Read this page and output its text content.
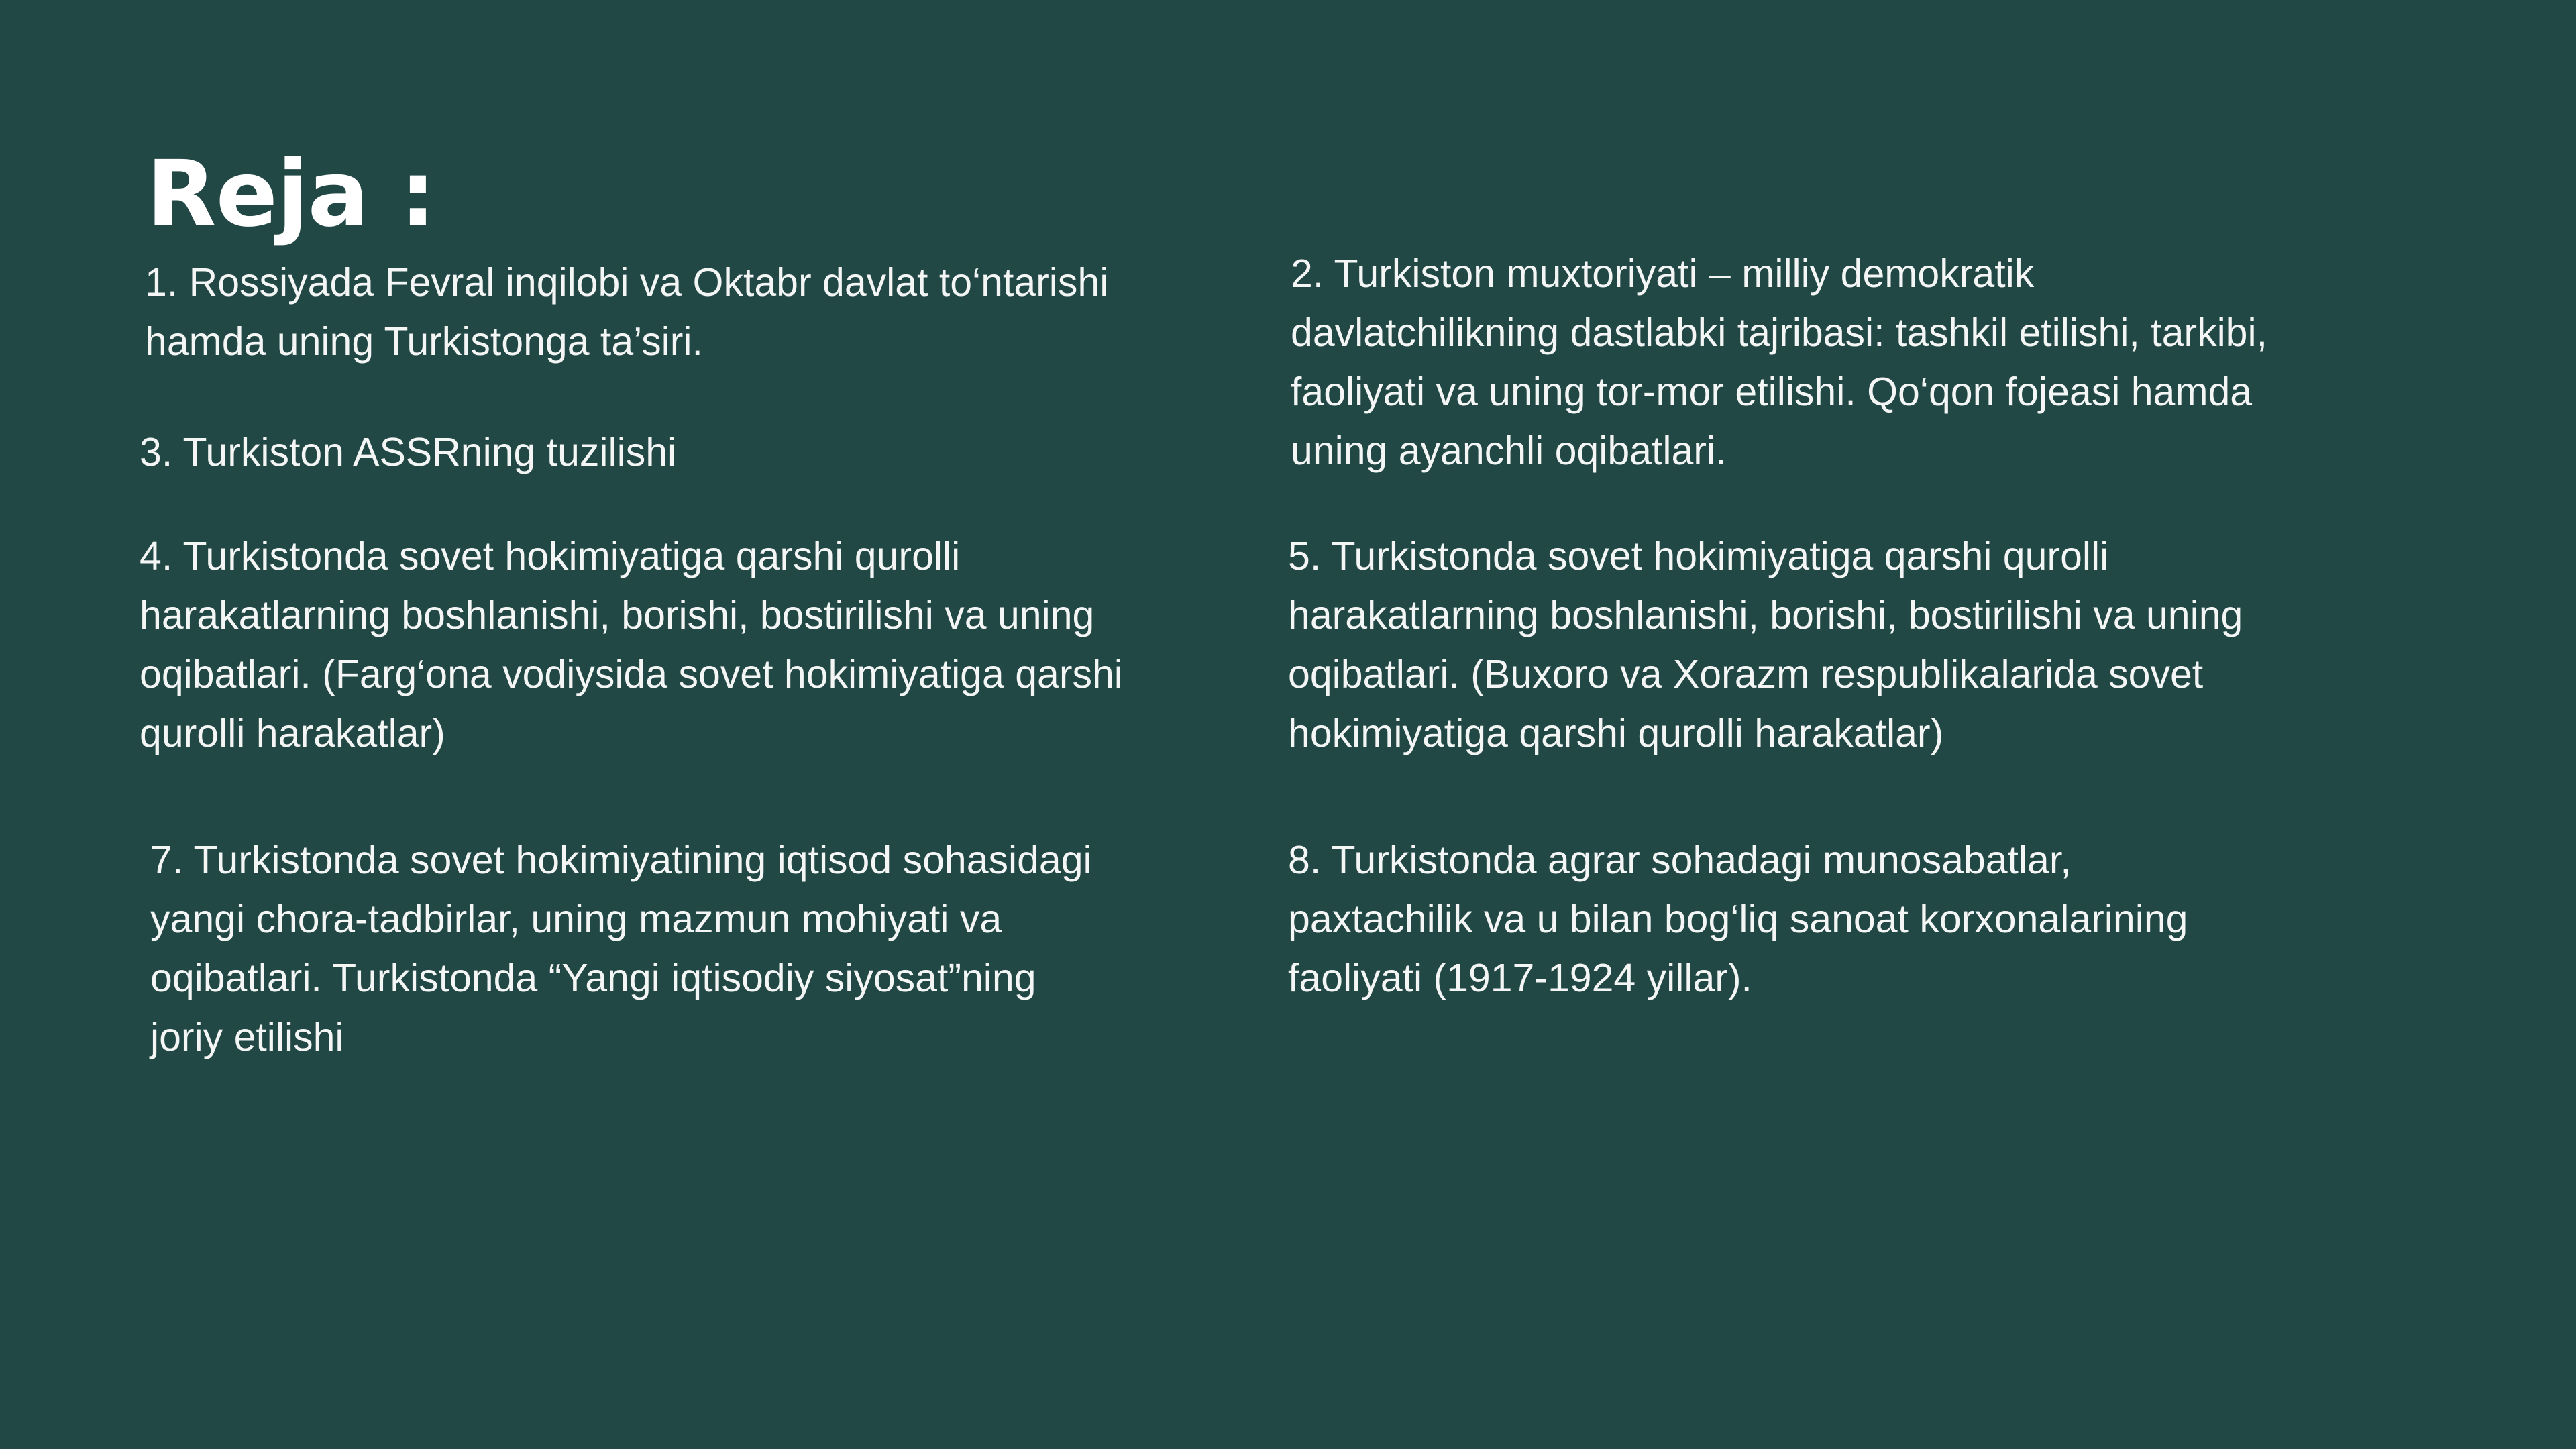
Reja :

1. Rossiyada Fevral inqilobi va Oktabr davlat to‘ntarishi
hamda uning Turkistonga ta’siri.

2. Turkiston muxtoriyati – milliy demokratik
davlatchilikning dastlabki tajribasi: tashkil etilishi, tarkibi,
faoliyati va uning tor-mor etilishi. Qo‘qon fojeasi hamda
uning ayanchli oqibatlari.

3. Turkiston ASSRning tuzilishi

4. Turkistonda sovet hokimiyatiga qarshi qurolli
harakatlarning boshlanishi, borishi, bostirilishi va uning
oqibatlari. (Farg‘ona vodiysida sovet hokimiyatiga qarshi
qurolli harakatlar)

5. Turkistonda sovet hokimiyatiga qarshi qurolli
harakatlarning boshlanishi, borishi, bostirilishi va uning
oqibatlari. (Buxoro va Xorazm respublikalarida sovet
hokimiyatiga qarshi qurolli harakatlar)

7. Turkistonda sovet hokimiyatining iqtisod sohasidagi
yangi chora-tadbirlar, uning mazmun mohiyati va
oqibatlari. Turkistonda “Yangi iqtisodiy siyosat”ning
joriy etilishi

8. Turkistonda agrar sohadagi munosabatlar,
paxtachilik va u bilan bog‘liq sanoat korxonalarining
faoliyati (1917-1924 yillar).
